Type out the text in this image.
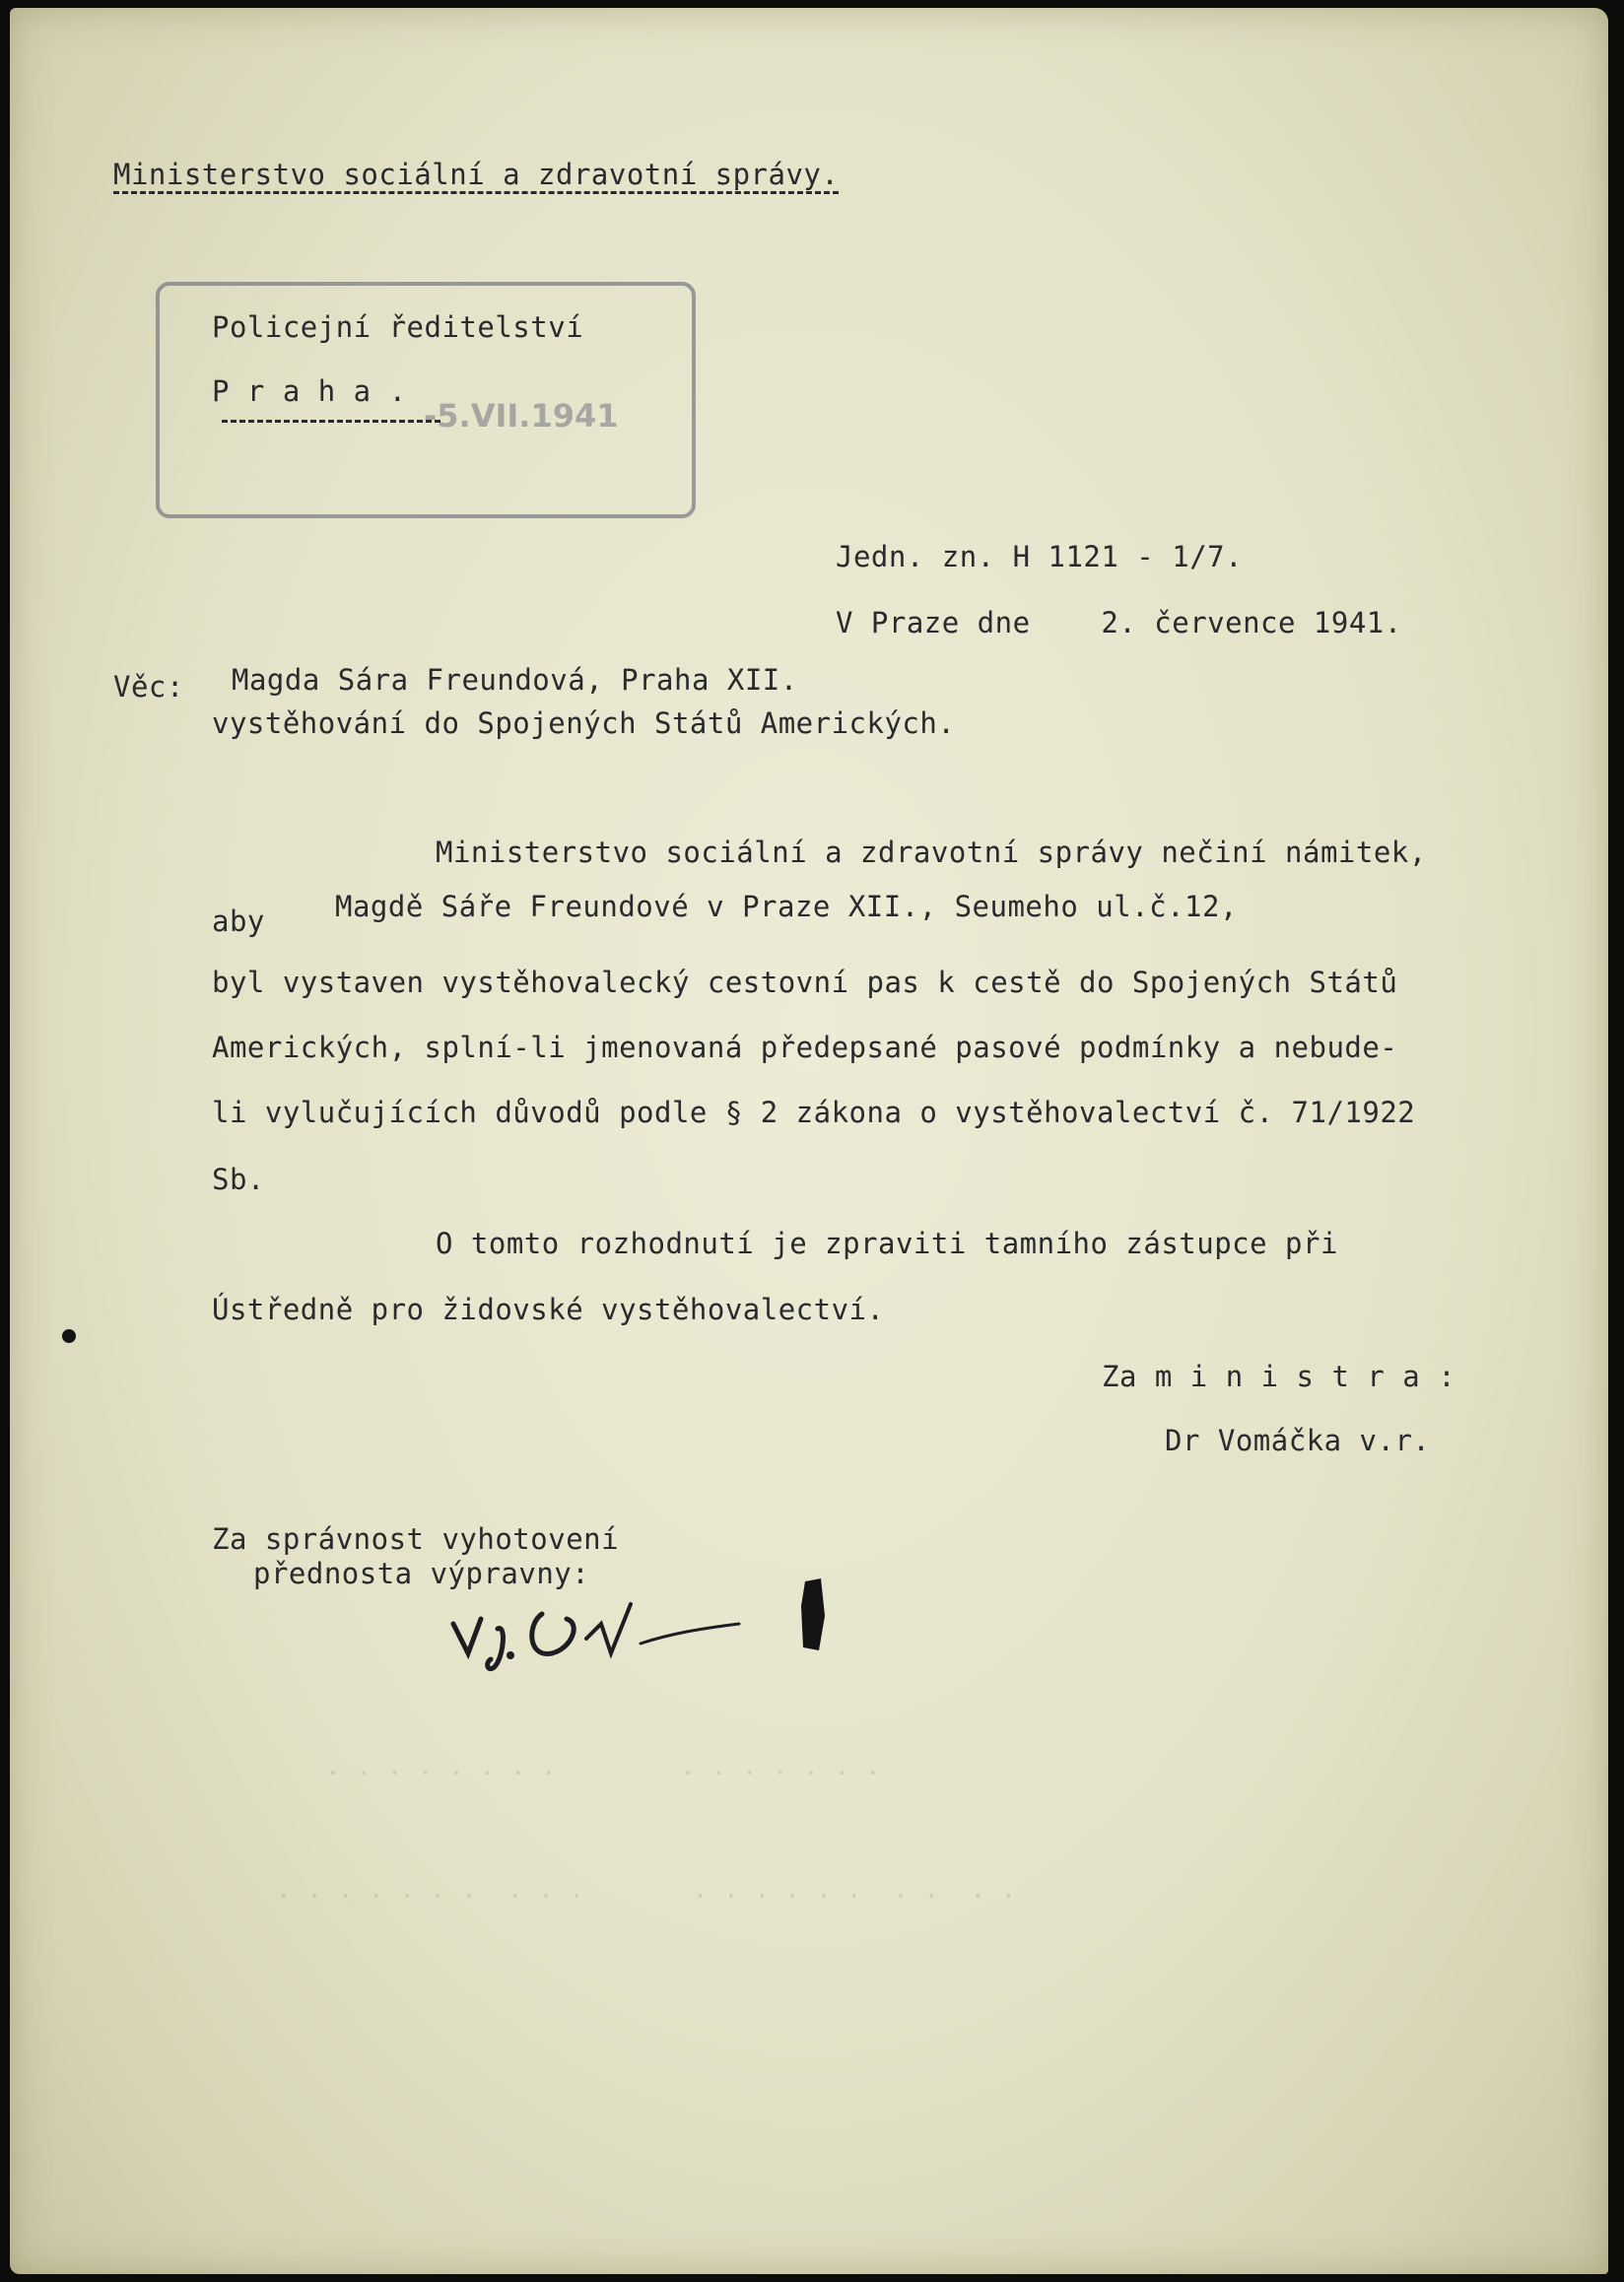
Ministerstvo sociální a zdravotní správy.
-5.VII.1941
Policejní ředitelství
P r a h a .
Jedn. zn. H 1121 - 1/7.
V Praze dne    2. července 1941.
Věc: Magda Sára Freundová, Praha XII.
vystěhování do Spojených Států Amerických.
Ministerstvo sociální a zdravotní správy nečiní námitek,
aby Magdě Sáře Freundové v Praze XII., Seumeho ul.č.12,
byl vystaven vystěhovalecký cestovní pas k cestě do Spojených Států
Amerických, splní-li jmenovaná předepsané pasové podmínky a nebude-
li vylučujících důvodů podle § 2 zákona o vystěhovalectví č. 71/1922
Sb.
O tomto rozhodnutí je zpraviti tamního zástupce při
Ústředně pro židovské vystěhovalectví.
Za m i n i s t r a :
Dr Vomáčka v.r.
Za správnost vyhotovení
přednosta výpravny:
. . . . . . . .        . . . . . . .
. . . . . . .  . . .       . . . . . .  . .  . .
